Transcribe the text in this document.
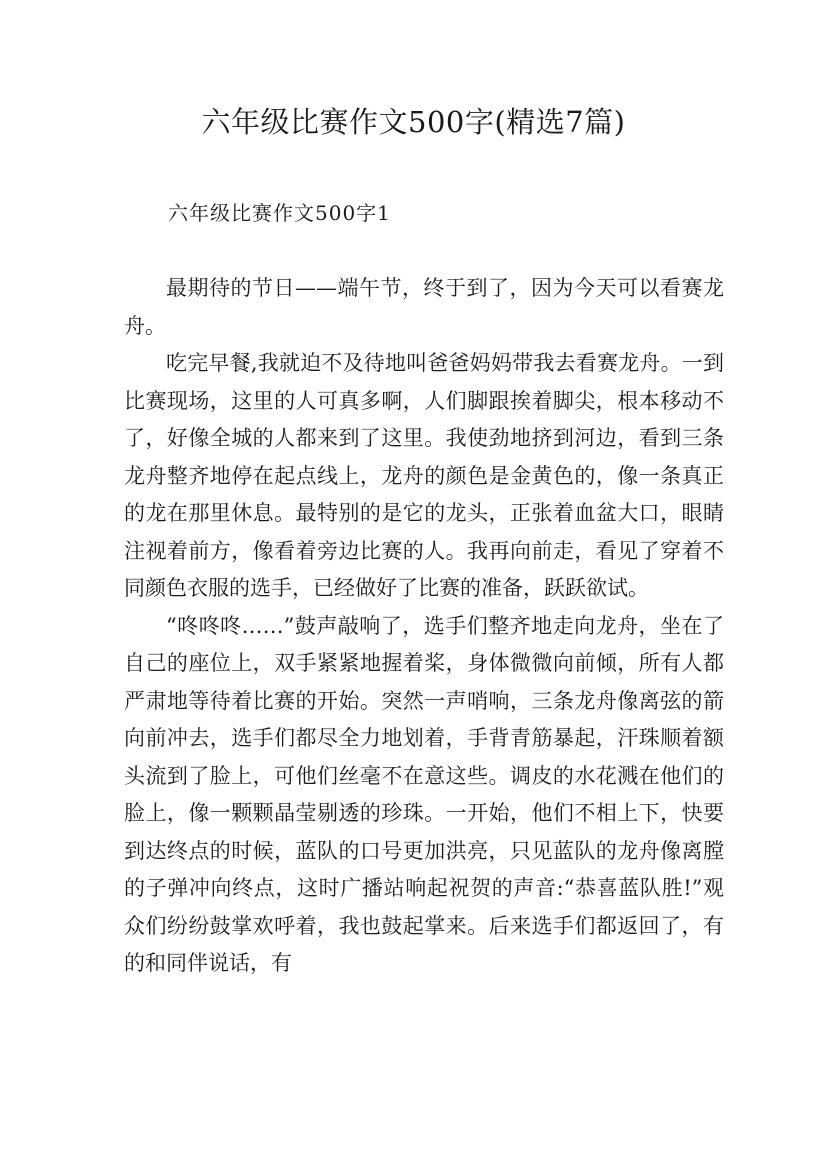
六年级比赛作文500字(精选7篇)
六年级比赛作文500字1

最期待的节日——端午节，终于到了，因为今天可以看赛龙舟。

吃完早餐,我就迫不及待地叫爸爸妈妈带我去看赛龙舟。一到比赛现场，这里的人可真多啊，人们脚跟挨着脚尖，根本移动不了，好像全城的人都来到了这里。我使劲地挤到河边，看到三条龙舟整齐地停在起点线上，龙舟的颜色是金黄色的，像一条真正的龙在那里休息。最特别的是它的龙头，正张着血盆大口，眼睛注视着前方，像看着旁边比赛的人。我再向前走，看见了穿着不同颜色衣服的选手，已经做好了比赛的准备，跃跃欲试。

“咚咚咚……”鼓声敲响了，选手们整齐地走向龙舟，坐在了自己的座位上，双手紧紧地握着桨，身体微微向前倾，所有人都严肃地等待着比赛的开始。突然一声哨响，三条龙舟像离弦的箭向前冲去，选手们都尽全力地划着，手背青筋暴起，汗珠顺着额头流到了脸上，可他们丝毫不在意这些。调皮的水花溅在他们的脸上，像一颗颗晶莹剔透的珍珠。一开始，他们不相上下，快要到达终点的时候，蓝队的口号更加洪亮，只见蓝队的龙舟像离膛的子弹冲向终点，这时广播站响起祝贺的声音:“恭喜蓝队胜!”观众们纷纷鼓掌欢呼着，我也鼓起掌来。后来选手们都返回了，有的和同伴说话，有
